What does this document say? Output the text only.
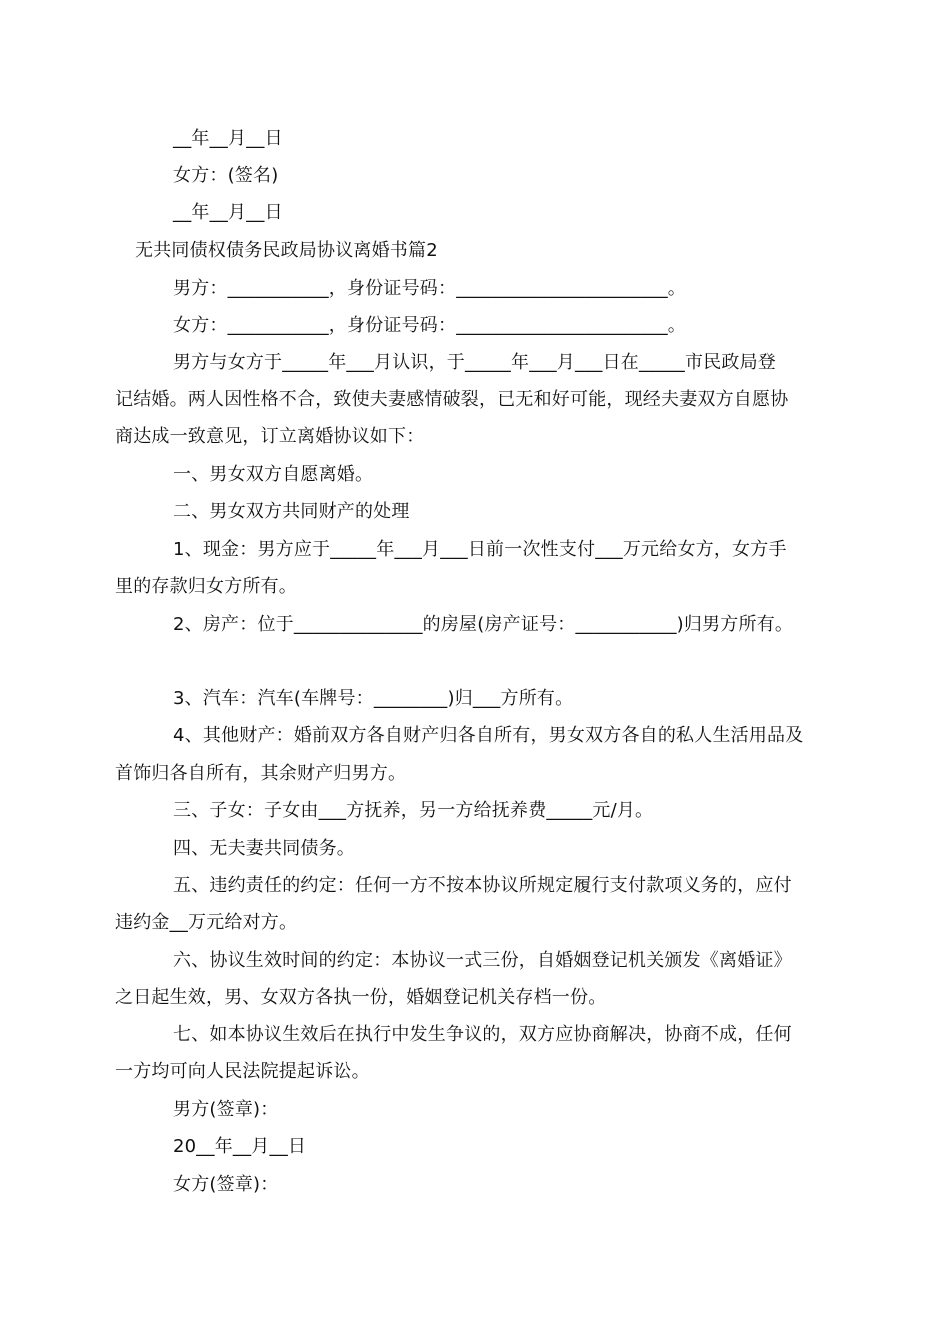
__年__月__日
女方：(签名)
__年__月__日
无共同债权债务民政局协议离婚书篇2
男方：___________，身份证号码：_______________________。
女方：___________，身份证号码：_______________________。
男方与女方于_____年___月认识，于_____年___月___日在_____市民政局登
记结婚。两人因性格不合，致使夫妻感情破裂，已无和好可能，现经夫妻双方自愿协
商达成一致意见，订立离婚协议如下：
一、男女双方自愿离婚。
二、男女双方共同财产的处理
1、现金：男方应于_____年___月___日前一次性支付___万元给女方，女方手
里的存款归女方所有。
2、房产：位于______________的房屋(房产证号：___________)归男方所有。
3、汽车：汽车(车牌号：________)归___方所有。
4、其他财产：婚前双方各自财产归各自所有，男女双方各自的私人生活用品及
首饰归各自所有，其余财产归男方。
三、子女：子女由___方抚养，另一方给抚养费_____元/月。
四、无夫妻共同债务。
五、违约责任的约定：任何一方不按本协议所规定履行支付款项义务的，应付
违约金__万元给对方。
六、协议生效时间的约定：本协议一式三份，自婚姻登记机关颁发《离婚证》
之日起生效，男、女双方各执一份，婚姻登记机关存档一份。
七、如本协议生效后在执行中发生争议的，双方应协商解决，协商不成，任何
一方均可向人民法院提起诉讼。
男方(签章)：
20__年__月__日
女方(签章)：
